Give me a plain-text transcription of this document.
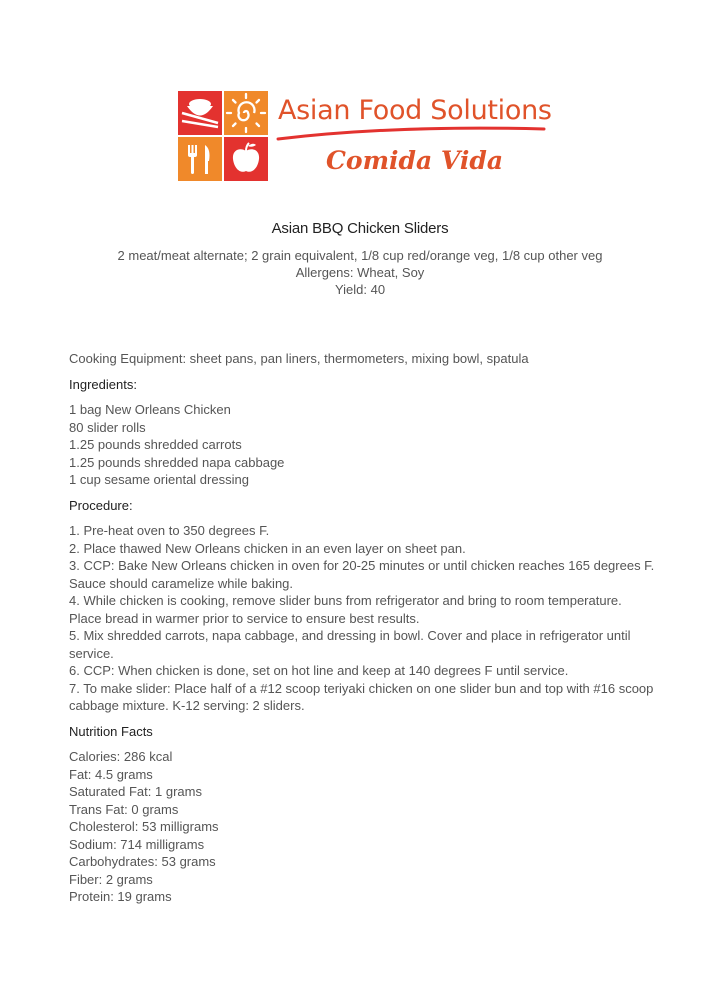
Asian Food Solutions
Comida Vida
Asian BBQ Chicken Sliders
2 meat/meat alternate; 2 grain equivalent, 1/8 cup red/orange veg, 1/8 cup other veg
Allergens: Wheat, Soy
Yield: 40
Cooking Equipment: sheet pans, pan liners, thermometers, mixing bowl, spatula
Ingredients:
1 bag New Orleans Chicken
80 slider rolls
1.25 pounds shredded carrots
1.25 pounds shredded napa cabbage
1 cup sesame oriental dressing
Procedure:
1. Pre-heat oven to 350 degrees F.
2. Place thawed New Orleans chicken in an even layer on sheet pan.
3. CCP: Bake New Orleans chicken in oven for 20-25 minutes or until chicken reaches 165 degrees F.
Sauce should caramelize while baking.
4. While chicken is cooking, remove slider buns from refrigerator and bring to room temperature.
Place bread in warmer prior to service to ensure best results.
5. Mix shredded carrots, napa cabbage, and dressing in bowl. Cover and place in refrigerator until
service.
6. CCP: When chicken is done, set on hot line and keep at 140 degrees F until service.
7. To make slider: Place half of a #12 scoop teriyaki chicken on one slider bun and top with #16 scoop
cabbage mixture. K-12 serving: 2 sliders.
Nutrition Facts
Calories: 286 kcal
Fat: 4.5 grams
Saturated Fat: 1 grams
Trans Fat: 0 grams
Cholesterol: 53 milligrams
Sodium: 714 milligrams
Carbohydrates: 53 grams
Fiber: 2 grams
Protein: 19 grams
